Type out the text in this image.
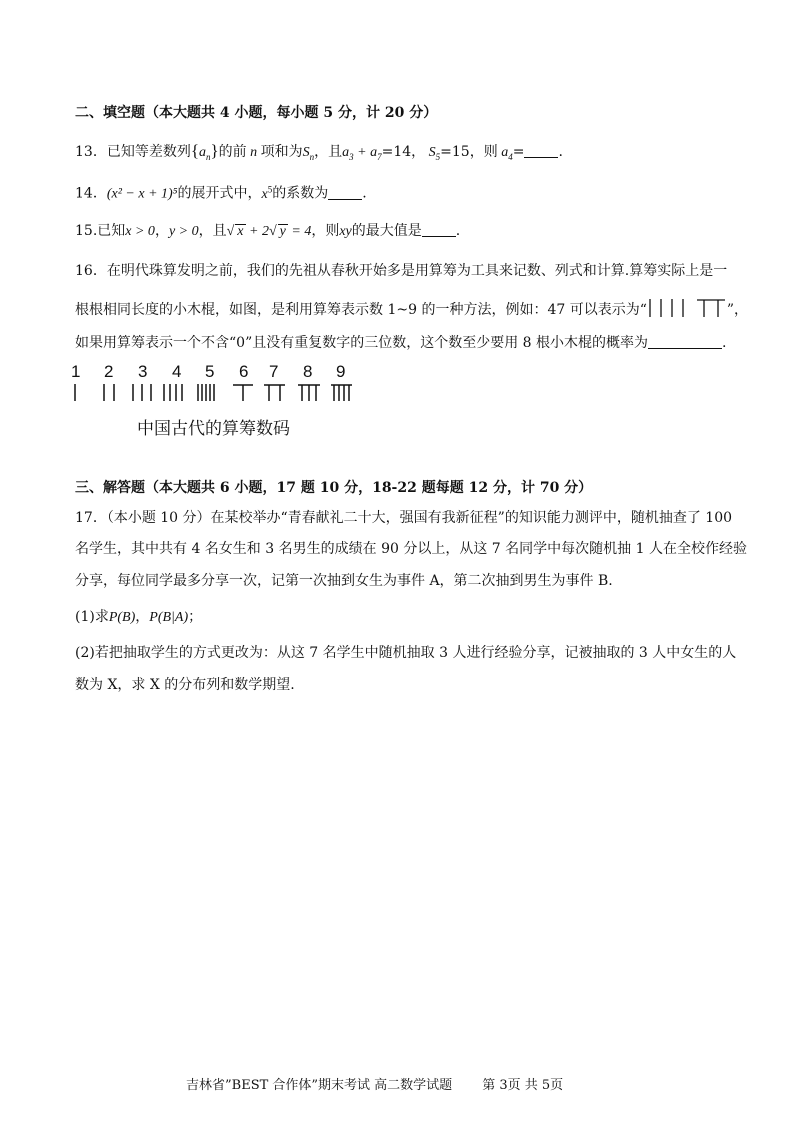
二、填空题（本大题共 4 小题，每小题 5 分，计 20 分）
13．已知等差数列$\{a_n\}$的前 n 项和为$S_n$，且$a_3 + a_7=14$， $S_5=15$，则 $a_4=$ .
14．(x² − x + 1)⁵的展开式中，$x^5$的系数为 .
15.已知x > 0，y > 0，且√ x + 2√ y = 4，则xy的最大值是 .
16．在明代珠算发明之前，我们的先祖从春秋开始多是用算筹为工具来记数、列式和计算.算筹实际上是一
根根相同长度的小木棍，如图，是利用算筹表示数 1~9 的一种方法，例如：47 可以表示为“	”，
如果用算筹表示一个不含“0”且没有重复数字的三位数，这个数至少要用 8 根小木棍的概率为	.
1 2 3 4 5 6 7 8 9
中国古代的算筹数码
三、解答题（本大题共 6 小题，17 题 10 分，18-22 题每题 12 分，计 70 分）
17．（本小题 10 分）在某校举办“青春献礼二十大，强国有我新征程”的知识能力测评中，随机抽查了 100
名学生，其中共有 4 名女生和 3 名男生的成绩在 90 分以上，从这 7 名同学中每次随机抽 1 人在全校作经验
分享，每位同学最多分享一次，记第一次抽到女生为事件 A，第二次抽到男生为事件 B.
(1)求P(B)，P(B|A)；
(2)若把抽取学生的方式更改为：从这 7 名学生中随机抽取 3 人进行经验分享，记被抽取的 3 人中女生的人
数为 X，求 X 的分布列和数学期望.
吉林省”BEST 合作体”期末考试 高二数学试题 第 3页 共 5页
